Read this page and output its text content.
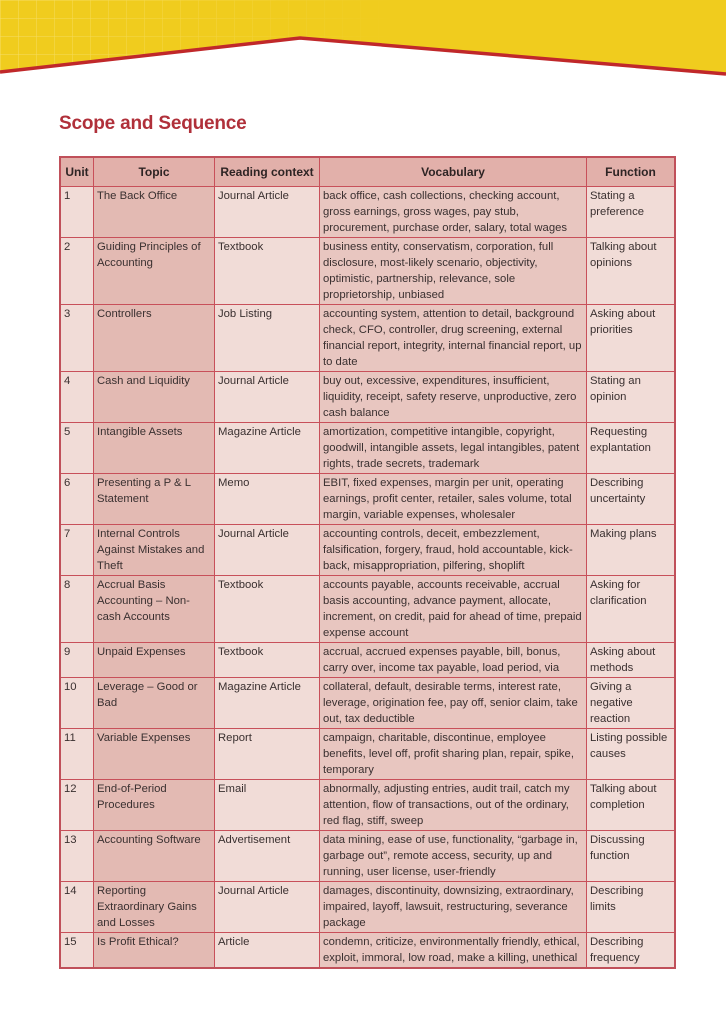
Scope and Sequence
Unit	Topic	Reading context	Vocabulary	Function
1	The Back Office	Journal Article	back office, cash collections, checking account, gross earnings, gross wages, pay stub, procurement, purchase order, salary, total wages	Stating a preference
2	Guiding Principles of Accounting	Textbook	business entity, conservatism, corporation, full disclosure, most-likely scenario, objectivity, optimistic, partnership, relevance, sole proprietorship, unbiased	Talking about opinions
3	Controllers	Job Listing	accounting system, attention to detail, background check, CFO, controller, drug screening, external financial report, integrity, internal financial report, up to date	Asking about priorities
4	Cash and Liquidity	Journal Article	buy out, excessive, expenditures, insufficient, liquidity, receipt, safety reserve, unproductive, zero cash balance	Stating an opinion
5	Intangible Assets	Magazine Article	amortization, competitive intangible, copyright, goodwill, intangible assets, legal intangibles, patent rights, trade secrets, trademark	Requesting explantation
6	Presenting a P & L Statement	Memo	EBIT, fixed expenses, margin per unit, operating earnings, profit center, retailer, sales volume, total margin, variable expenses, wholesaler	Describing uncertainty
7	Internal Controls Against Mistakes and Theft	Journal Article	accounting controls, deceit, embezzlement, falsification, forgery, fraud, hold accountable, kick-back, misappropriation, pilfering, shoplift	Making plans
8	Accrual Basis Accounting – Non-cash Accounts	Textbook	accounts payable, accounts receivable, accrual basis accounting, advance payment, allocate, increment, on credit, paid for ahead of time, prepaid expense account	Asking for clarification
9	Unpaid Expenses	Textbook	accrual, accrued expenses payable, bill, bonus, carry over, income tax payable, load period, via	Asking about methods
10	Leverage – Good or Bad	Magazine Article	collateral, default, desirable terms, interest rate, leverage, origination fee, pay off, senior claim, take out, tax deductible	Giving a negative reaction
11	Variable Expenses	Report	campaign, charitable, discontinue, employee benefits, level off, profit sharing plan, repair, spike, temporary	Listing possible causes
12	End-of-Period Procedures	Email	abnormally, adjusting entries, audit trail, catch my attention, flow of transactions, out of the ordinary, red flag, stiff, sweep	Talking about completion
13	Accounting Software	Advertisement	data mining, ease of use, functionality, “garbage in, garbage out”, remote access, security, up and running, user license, user-friendly	Discussing function
14	Reporting Extraordinary Gains and Losses	Journal Article	damages, discontinuity, downsizing, extraordinary, impaired, layoff, lawsuit, restructuring, severance package	Describing limits
15	Is Profit Ethical?	Article	condemn, criticize, environmentally friendly, ethical, exploit, immoral, low road, make a killing, unethical	Describing frequency
